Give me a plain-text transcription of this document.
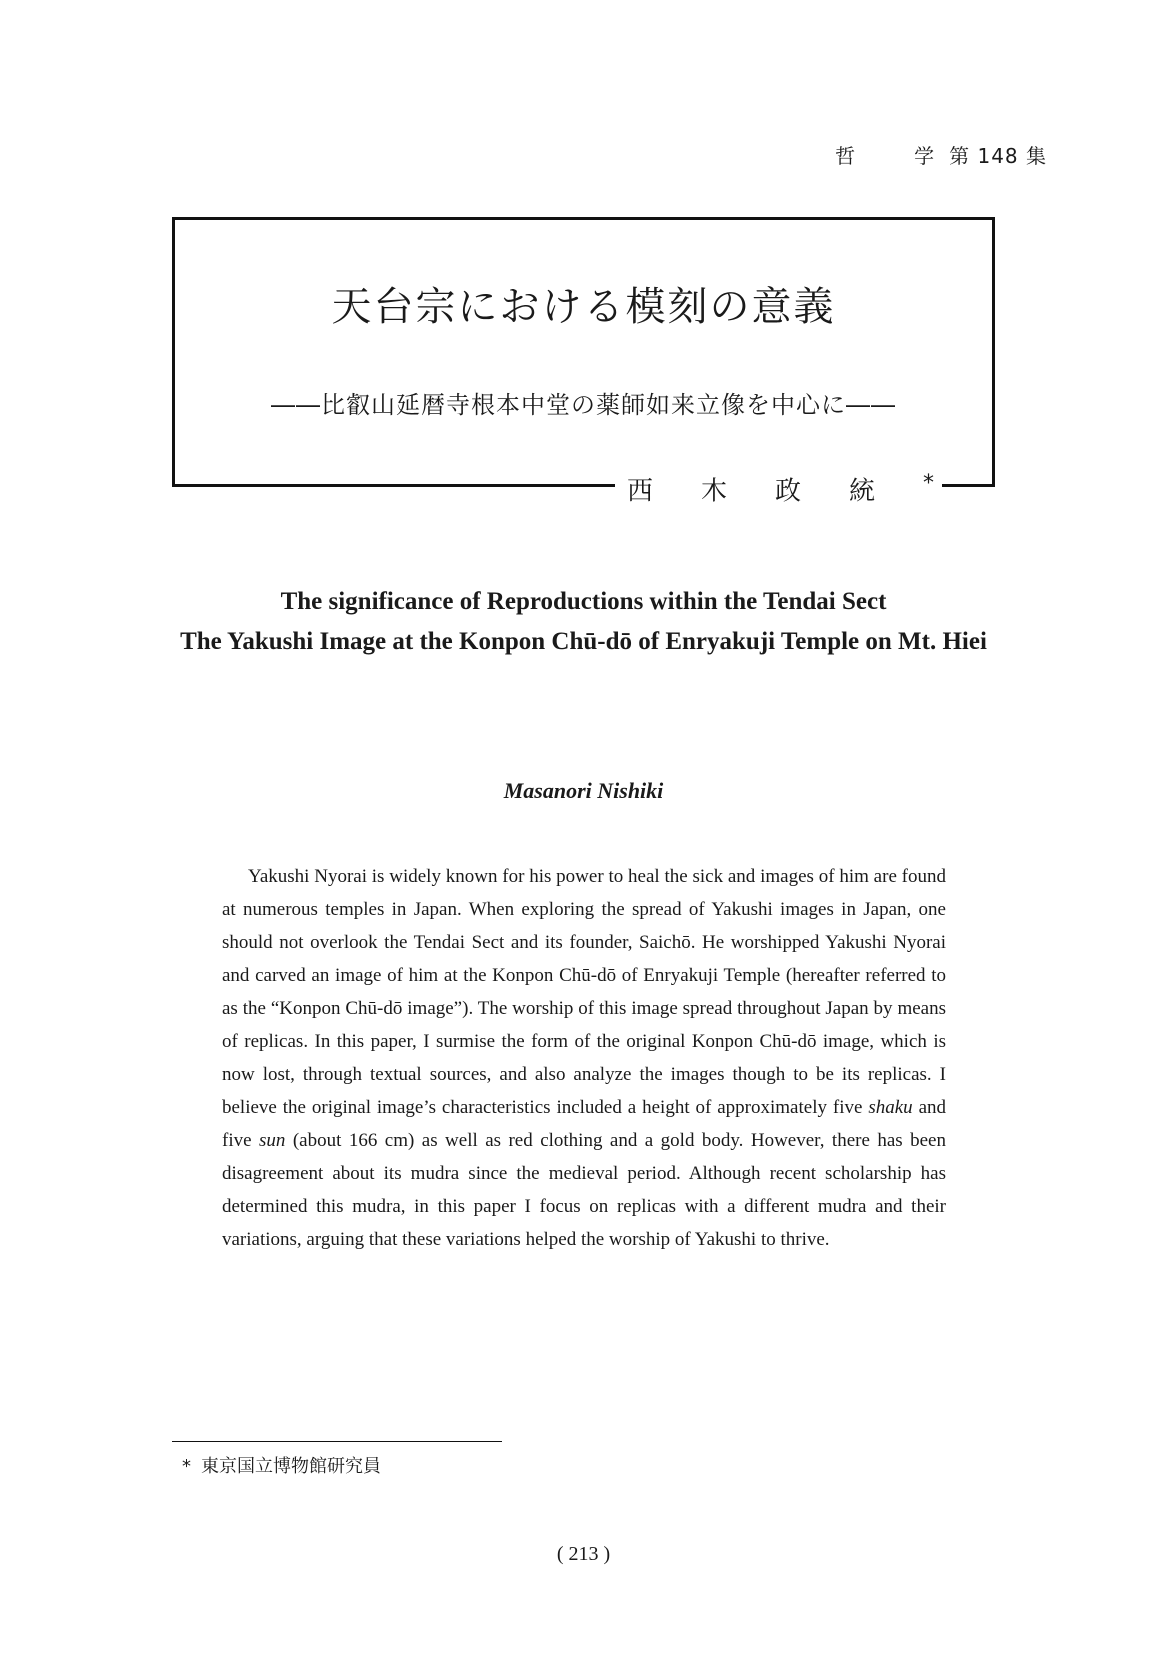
哲	学 第 148 集
天台宗における模刻の意義
――比叡山延暦寺根本中堂の薬師如来立像を中心に――
西木政統*
The significance of Reproductions within the Tendai Sect
The Yakushi Image at the Konpon Chū-dō of Enryakuji Temple on Mt. Hiei
Masanori Nishiki

Yakushi Nyorai is widely known for his power to heal the sick and images of him are found at numerous temples in Japan. When exploring the spread of Yakushi images in Japan, one should not overlook the Tendai Sect and its founder, Saichō. He worshipped Yakushi Nyorai and carved an image of him at the Konpon Chū-dō of Enryakuji Temple (hereafter referred to as the “Konpon Chū-dō image”). The worship of this image spread throughout Japan by means of replicas. In this paper, I surmise the form of the original Konpon Chū-dō image, which is now lost, through textual sources, and also analyze the images though to be its replicas. I believe the original image’s characteristics included a height of approximately five shaku and five sun (about 166 cm) as well as red clothing and a gold body. However, there has been disagreement about its mudra since the medieval period. Although recent scholarship has determined this mudra, in this paper I focus on replicas with a different mudra and their variations, arguing that these variations helped the worship of Yakushi to thrive.

* 東京国立博物館研究員
( 213 )
